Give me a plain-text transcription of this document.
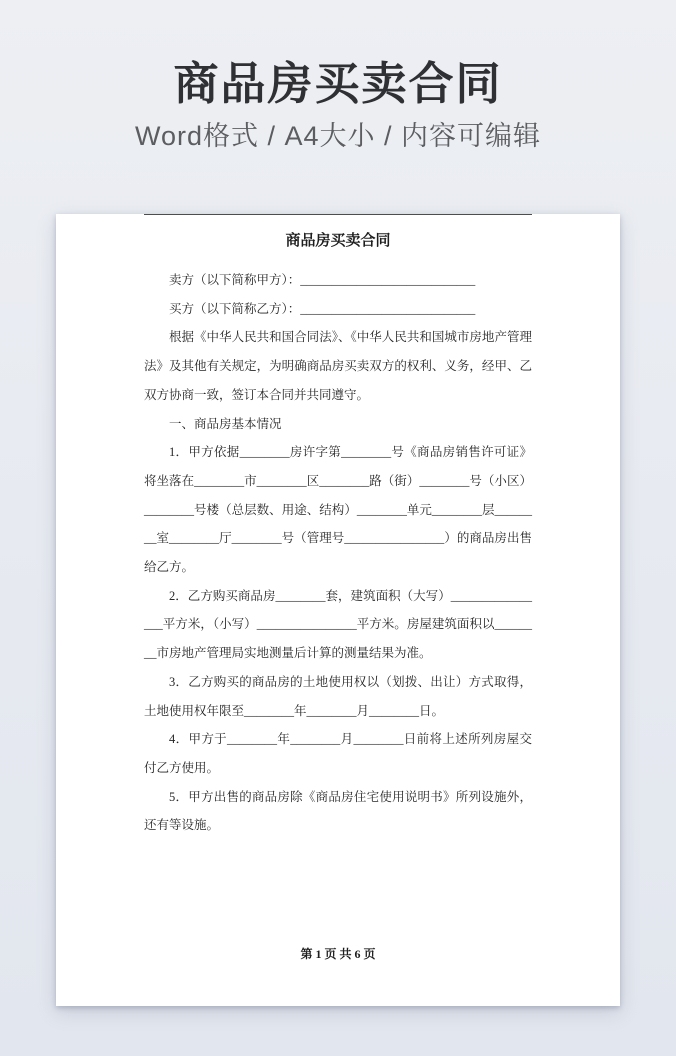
商品房买卖合同

Word格式 / A4大小 / 内容可编辑

商品房买卖合同

卖方（以下简称甲方）：____________________________

买方（以下简称乙方）：____________________________

根据《中华人民共和国合同法》、《中华人民共和国城市房地产管理法》及其他有关规定，为明确商品房买卖双方的权利、义务，经甲、乙双方协商一致，签订本合同并共同遵守。

一、商品房基本情况

1．甲方依据________房许字第________号《商品房销售许可证》将坐落在________市________区________路（街）________号（小区）________号楼（总层数、用途、结构）________单元________层________室________厅________号（管理号________________）的商品房出售给乙方。

2．乙方购买商品房________套，建筑面积（大写）________________平方米，（小写）________________平方米。房屋建筑面积以________市房地产管理局实地测量后计算的测量结果为准。

3．乙方购买的商品房的土地使用权以（划拨、出让）方式取得，土地使用权年限至________年________月________日。

4．甲方于________年________月________日前将上述所列房屋交付乙方使用。

5．甲方出售的商品房除《商品房住宅使用说明书》所列设施外，还有等设施。

第 1 页 共 6 页
